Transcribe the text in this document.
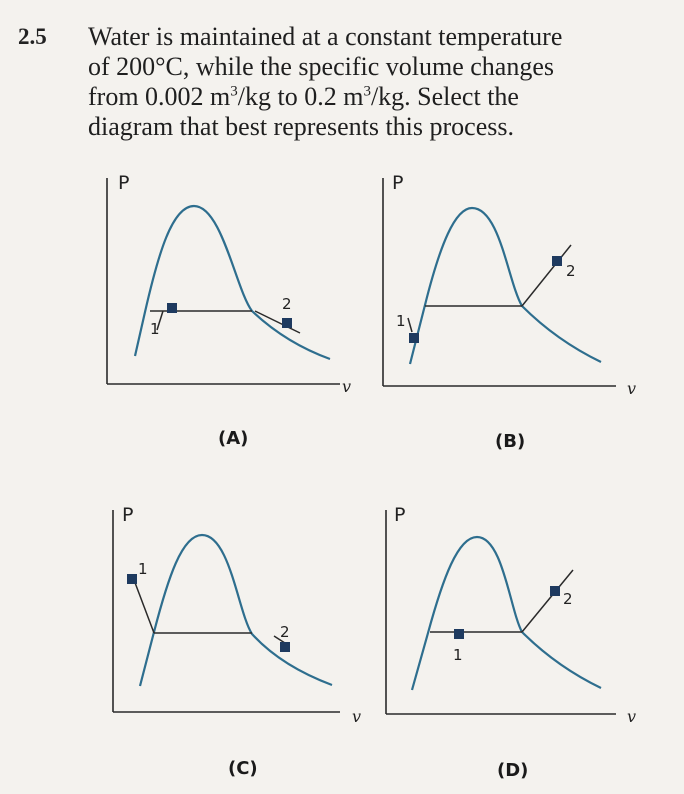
2.5 Water is maintained at a constant temperature
of 200°C, while the specific volume changes
from 0.002 $m^3/kg$ to 0.2 $m^3/kg$. Select the
diagram that best represents this process.
P
v
1
2
(A)
P
v
1
2
(B)
P
v
1
2
(C)
P
v
1
2
(D)
